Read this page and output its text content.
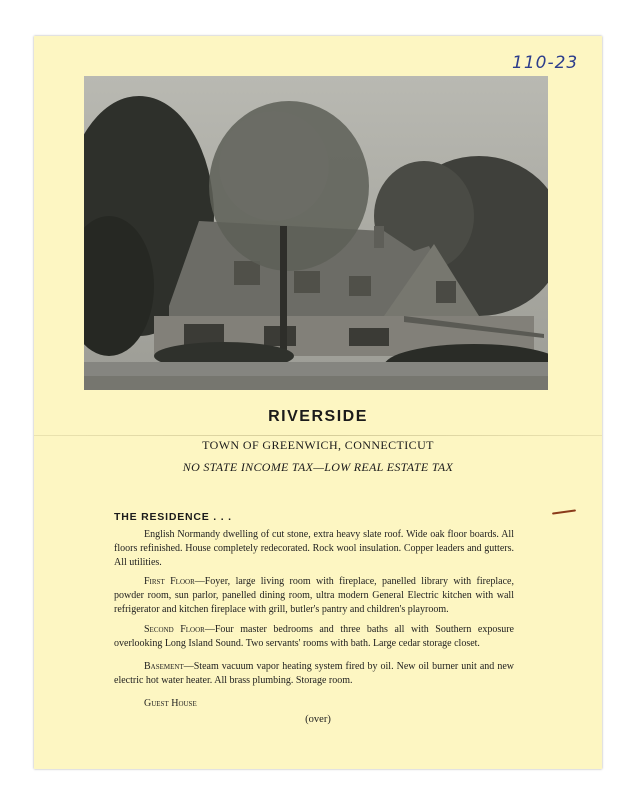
110-23
RIVERSIDE
TOWN OF GREENWICH, CONNECTICUT
NO STATE INCOME TAX—LOW REAL ESTATE TAX
THE RESIDENCE . . .

English Normandy dwelling of cut stone, extra heavy slate roof. Wide oak floor boards. All floors refinished. House completely redecorated. Rock wool insulation. Copper leaders and gutters. All utilities.

First Floor—Foyer, large living room with fireplace, panelled library with fireplace, powder room, sun parlor, panelled dining room, ultra modern General Electric kitchen with wall refrigerator and kitchen fireplace with grill, butler's pantry and children's playroom.

Second Floor—Four master bedrooms and three baths all with Southern exposure overlooking Long Island Sound. Two servants' rooms with bath. Large cedar storage closet.

Basement—Steam vacuum vapor heating system fired by oil. New oil burner unit and new electric hot water heater. All brass plumbing. Storage room.

Guest House
(over)
